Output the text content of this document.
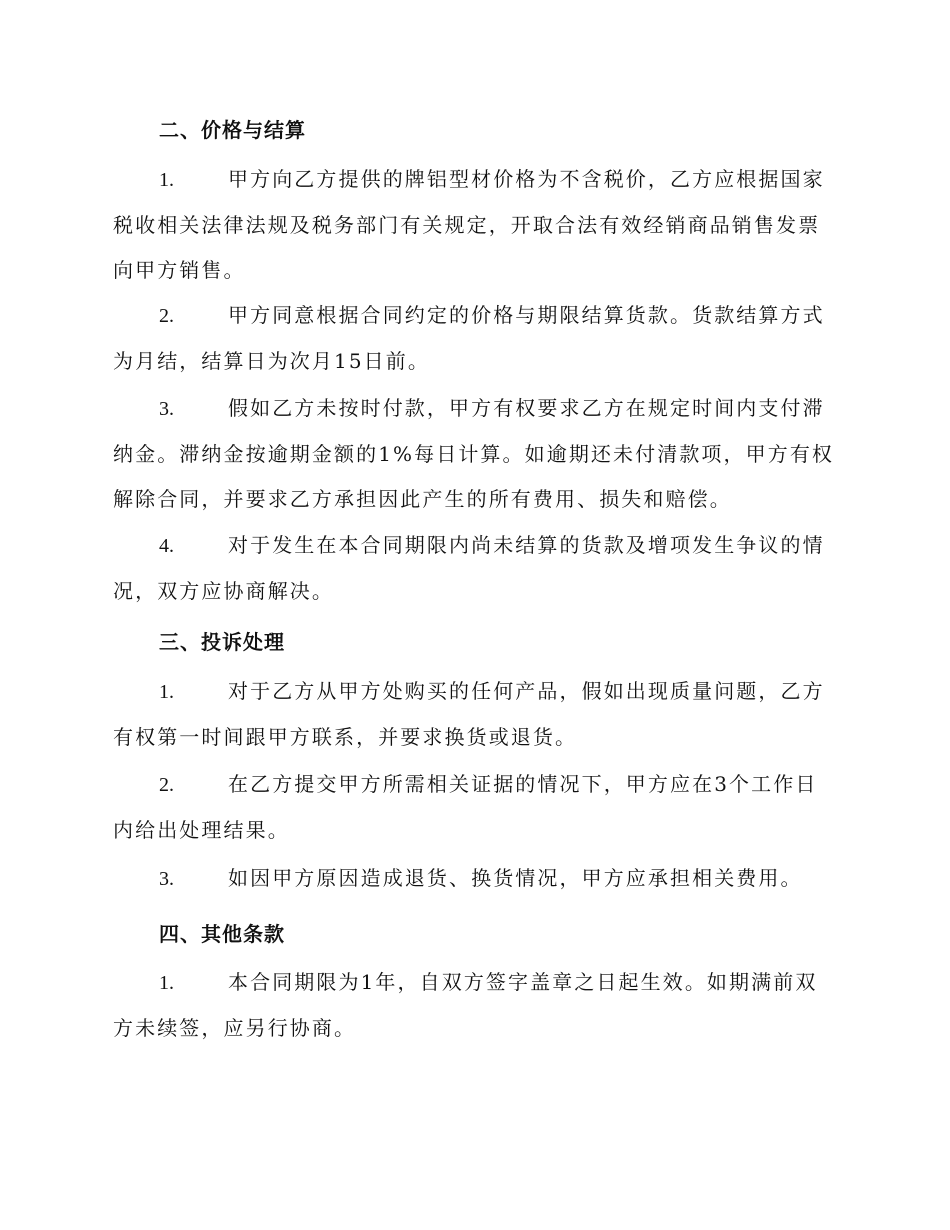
二、价格与结算

1.	甲方向乙方提供的牌铝型材价格为不含税价，乙方应根据国家税收相关法律法规及税务部门有关规定，开取合法有效经销商品销售发票向甲方销售。

2.	甲方同意根据合同约定的价格与期限结算货款。货款结算方式为月结，结算日为次月15日前。

3.	假如乙方未按时付款，甲方有权要求乙方在规定时间内支付滞纳金。滞纳金按逾期金额的1%每日计算。如逾期还未付清款项，甲方有权解除合同，并要求乙方承担因此产生的所有费用、损失和赔偿。

4.	对于发生在本合同期限内尚未结算的货款及增项发生争议的情况，双方应协商解决。

三、投诉处理

1.	对于乙方从甲方处购买的任何产品，假如出现质量问题，乙方有权第一时间跟甲方联系，并要求换货或退货。

2.	在乙方提交甲方所需相关证据的情况下，甲方应在3个工作日内给出处理结果。

3.	如因甲方原因造成退货、换货情况，甲方应承担相关费用。

四、其他条款

1.	本合同期限为1年，自双方签字盖章之日起生效。如期满前双方未续签，应另行协商。
